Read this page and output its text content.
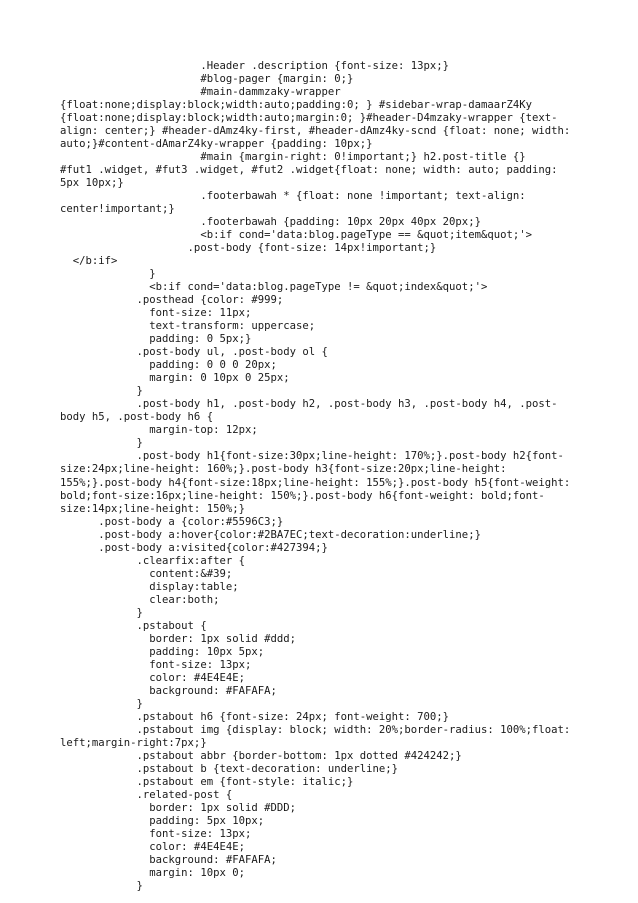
.Header .description {font-size: 13px;}
#blog-pager {margin: 0;}
#main-dammzaky-wrapper
{float:none;display:block;width:auto;padding:0; } #sidebar-wrap-damaarZ4Ky
{float:none;display:block;width:auto;margin:0; }#header-D4mzaky-wrapper {text-
align: center;} #header-dAmz4ky-first, #header-dAmz4ky-scnd {float: none; width:
auto;}#content-dAmarZ4ky-wrapper {padding: 10px;}
#main {margin-right: 0!important;} h2.post-title {}
#fut1 .widget, #fut3 .widget, #fut2 .widget{float: none; width: auto; padding:
5px 10px;}
.footerbawah * {float: none !important; text-align:
center!important;}
.footerbawah {padding: 10px 20px 40px 20px;}
<b:if cond='data:blog.pageType == &quot;item&quot;'>
.post-body {font-size: 14px!important;}
</b:if>
}
<b:if cond='data:blog.pageType != &quot;index&quot;'>
.posthead {color: #999;
font-size: 11px;
text-transform: uppercase;
padding: 0 5px;}
.post-body ul, .post-body ol {
padding: 0 0 0 20px;
margin: 0 10px 0 25px;
}
.post-body h1, .post-body h2, .post-body h3, .post-body h4, .post-
body h5, .post-body h6 {
margin-top: 12px;
}
.post-body h1{font-size:30px;line-height: 170%;}.post-body h2{font-
size:24px;line-height: 160%;}.post-body h3{font-size:20px;line-height:
155%;}.post-body h4{font-size:18px;line-height: 155%;}.post-body h5{font-weight:
bold;font-size:16px;line-height: 150%;}.post-body h6{font-weight: bold;font-
size:14px;line-height: 150%;}
.post-body a {color:#5596C3;}
.post-body a:hover{color:#2BA7EC;text-decoration:underline;}
.post-body a:visited{color:#427394;}
.clearfix:after {
content:&#39;
display:table;
clear:both;
}
.pstabout {
border: 1px solid #ddd;
padding: 10px 5px;
font-size: 13px;
color: #4E4E4E;
background: #FAFAFA;
}
.pstabout h6 {font-size: 24px; font-weight: 700;}
.pstabout img {display: block; width: 20%;border-radius: 100%;float:
left;margin-right:7px;}
.pstabout abbr {border-bottom: 1px dotted #424242;}
.pstabout b {text-decoration: underline;}
.pstabout em {font-style: italic;}
.related-post {
border: 1px solid #DDD;
padding: 5px 10px;
font-size: 13px;
color: #4E4E4E;
background: #FAFAFA;
margin: 10px 0;
}
